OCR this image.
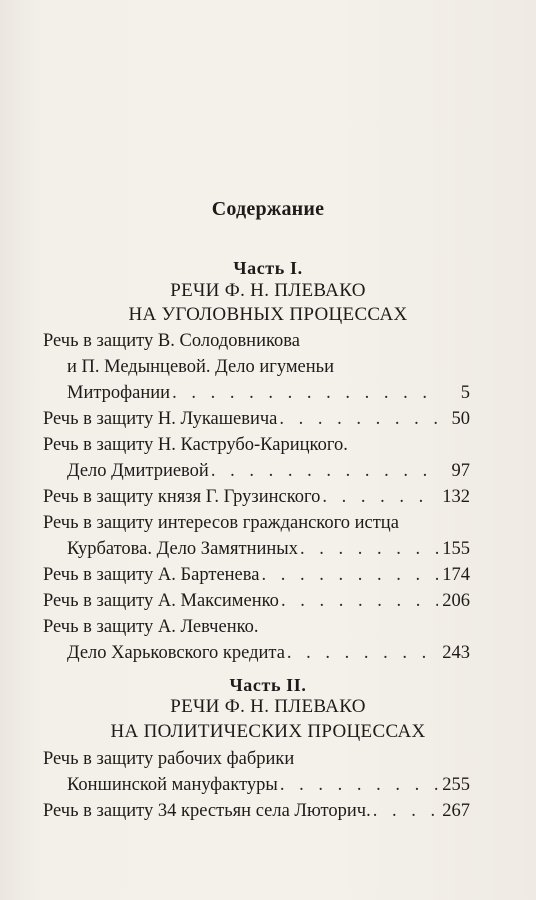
Содержание
Часть I.
РЕЧИ Ф. Н. ПЛЕВАКО
НА УГОЛОВНЫХ ПРОЦЕССАХ
Речь в защиту В. Солодовникова
и П. Медынцевой. Дело игуменьи
Митрофании . . .	5
Речь в защиту Н. Лукашевича . . .	50
Речь в защиту Н. Каструбо-Карицкого.
Дело Дмитриевой . . .	97
Речь в защиту князя Г. Грузинского . . .	132
Речь в защиту интересов гражданского истца
Курбатова. Дело Замятниных . . .	155
Речь в защиту А. Бартенева . . .	174
Речь в защиту А. Максименко . . .	206
Речь в защиту А. Левченко.
Дело Харьковского кредита . . .	243
Часть II.
РЕЧИ Ф. Н. ПЛЕВАКО
НА ПОЛИТИЧЕСКИХ ПРОЦЕССАХ
Речь в защиту рабочих фабрики
Коншинской мануфактуры . . .	255
Речь в защиту 34 крестьян села Люторич. . . .	267
